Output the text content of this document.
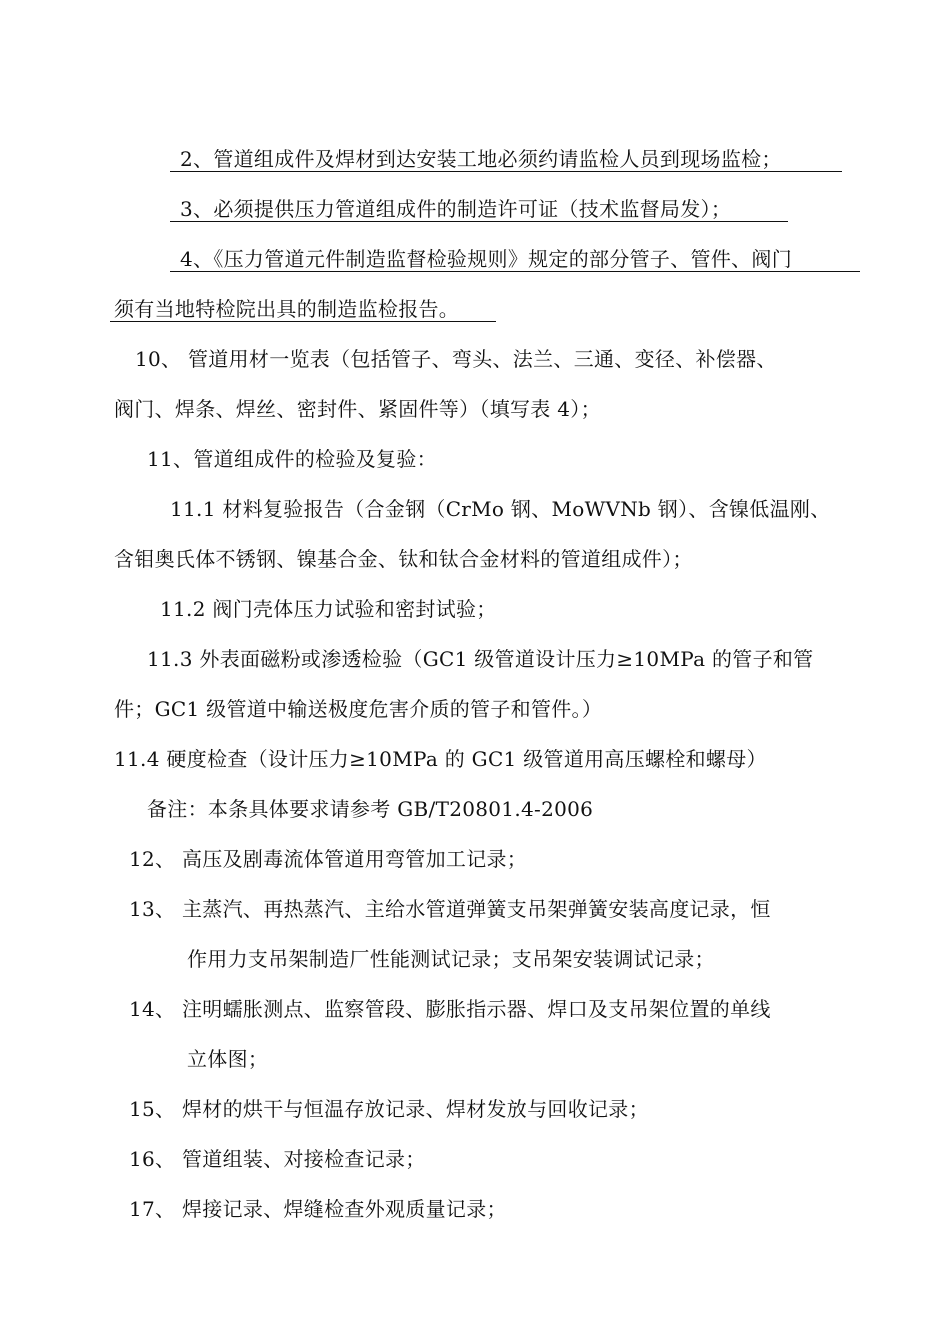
2、管道组成件及焊材到达安装工地必须约请监检人员到现场监检；
3、必须提供压力管道组成件的制造许可证（技术监督局发）；
4、《压力管道元件制造监督检验规则》规定的部分管子、管件、阀门
须有当地特检院出具的制造监检报告。
10、 管道用材一览表（包括管子、弯头、法兰、三通、变径、补偿器、
阀门、焊条、焊丝、密封件、紧固件等）（填写表 4）；
11、管道组成件的检验及复验：
11.1 材料复验报告（合金钢（CrMo 钢、MoWVNb 钢）、含镍低温刚、
含钼奥氏体不锈钢、镍基合金、钛和钛合金材料的管道组成件）；
11.2 阀门壳体压力试验和密封试验；
11.3 外表面磁粉或渗透检验（GC1 级管道设计压力≥10MPa 的管子和管
件；GC1 级管道中输送极度危害介质的管子和管件。）
11.4 硬度检查（设计压力≥10MPa 的 GC1 级管道用高压螺栓和螺母）
备注：本条具体要求请参考 GB/T20801.4-2006
12、 高压及剧毒流体管道用弯管加工记录；
13、 主蒸汽、再热蒸汽、主给水管道弹簧支吊架弹簧安装高度记录，恒
作用力支吊架制造厂性能测试记录；支吊架安装调试记录；
14、 注明蠕胀测点、监察管段、膨胀指示器、焊口及支吊架位置的单线
立体图；
15、 焊材的烘干与恒温存放记录、焊材发放与回收记录；
16、 管道组装、对接检查记录；
17、 焊接记录、焊缝检查外观质量记录；
